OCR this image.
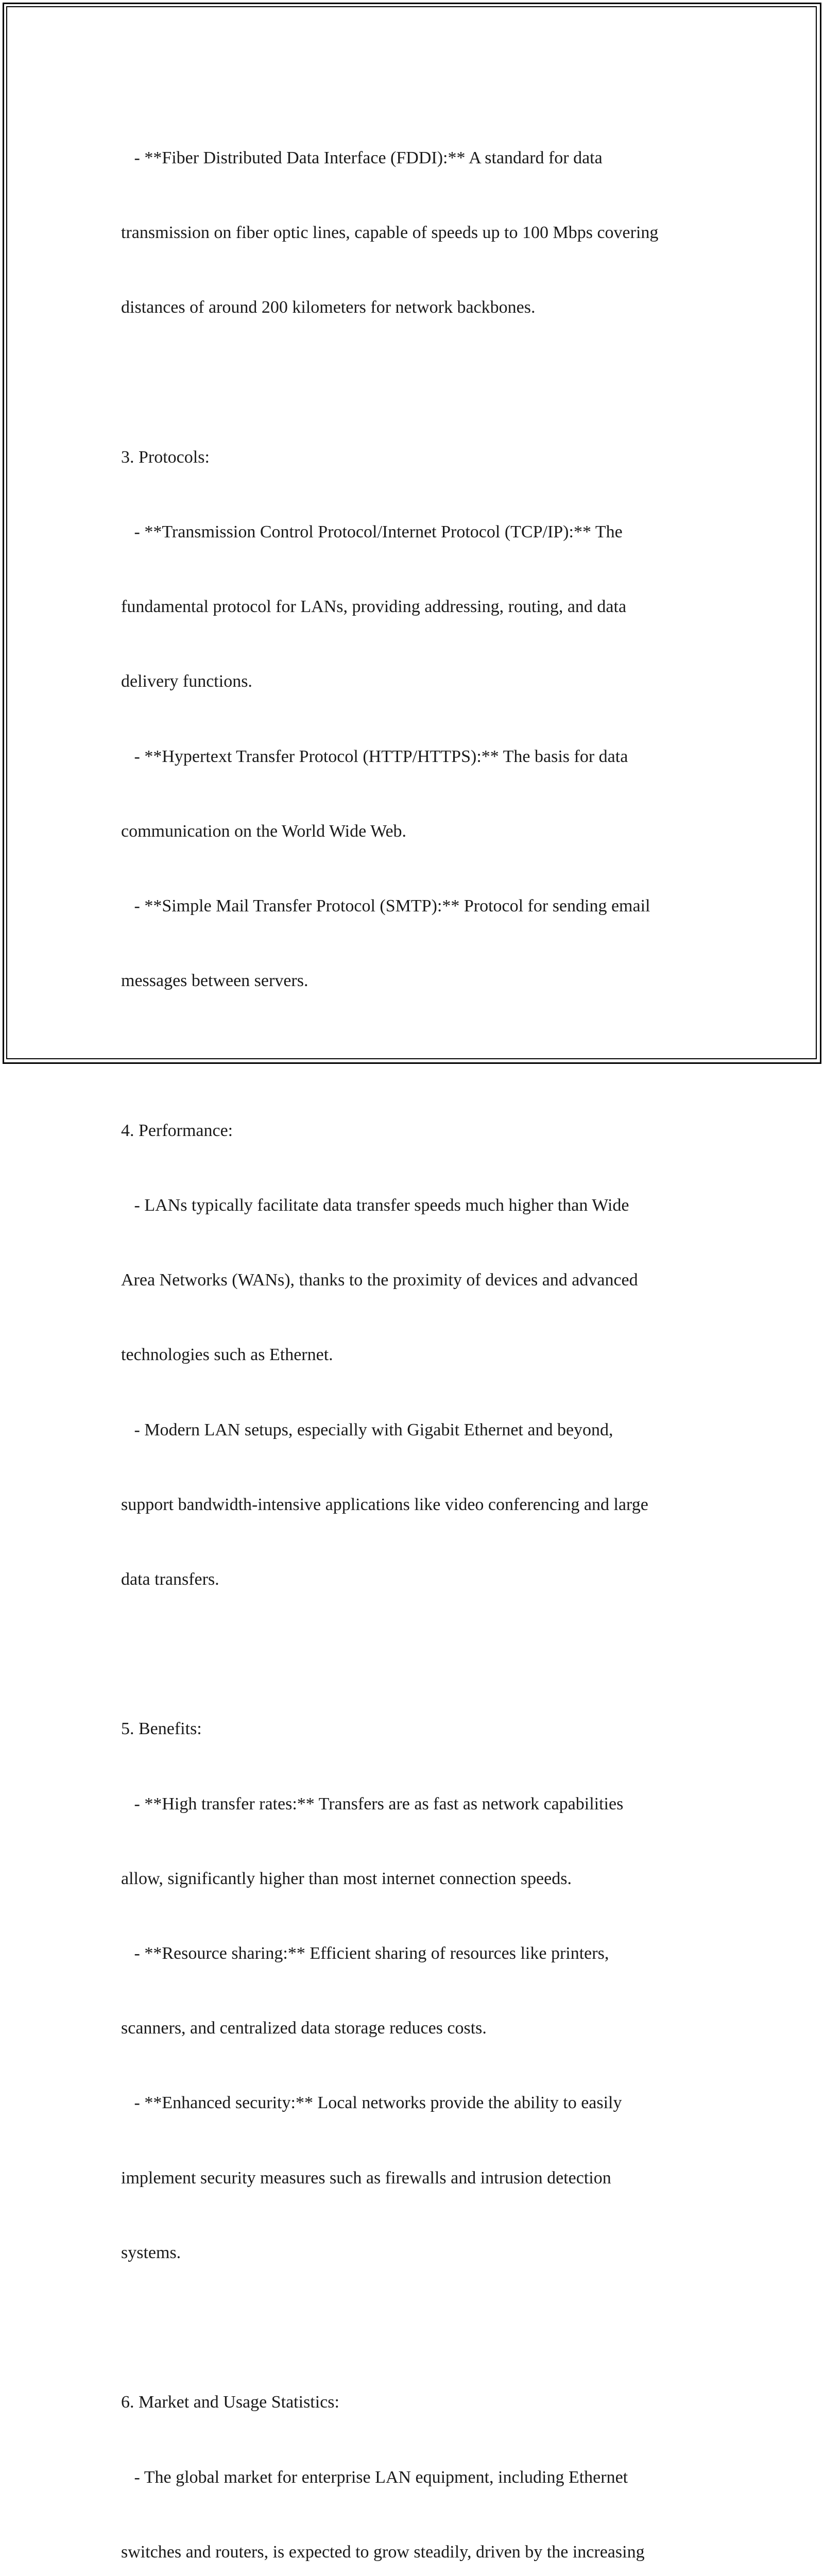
- **Fiber Distributed Data Interface (FDDI):** A standard for data

transmission on fiber optic lines, capable of speeds up to 100 Mbps covering

distances of around 200 kilometers for network backbones.

3. Protocols:

- **Transmission Control Protocol/Internet Protocol (TCP/IP):** The

fundamental protocol for LANs, providing addressing, routing, and data

delivery functions.

- **Hypertext Transfer Protocol (HTTP/HTTPS):** The basis for data

communication on the World Wide Web.

- **Simple Mail Transfer Protocol (SMTP):** Protocol for sending email

messages between servers.

4. Performance:

- LANs typically facilitate data transfer speeds much higher than Wide

Area Networks (WANs), thanks to the proximity of devices and advanced

technologies such as Ethernet.

- Modern LAN setups, especially with Gigabit Ethernet and beyond,

support bandwidth-intensive applications like video conferencing and large

data transfers.

5. Benefits:

- **High transfer rates:** Transfers are as fast as network capabilities

allow, significantly higher than most internet connection speeds.

- **Resource sharing:** Efficient sharing of resources like printers,

scanners, and centralized data storage reduces costs.

- **Enhanced security:** Local networks provide the ability to easily

implement security measures such as firewalls and intrusion detection

systems.

6. Market and Usage Statistics:

- The global market for enterprise LAN equipment, including Ethernet

switches and routers, is expected to grow steadily, driven by the increasing
